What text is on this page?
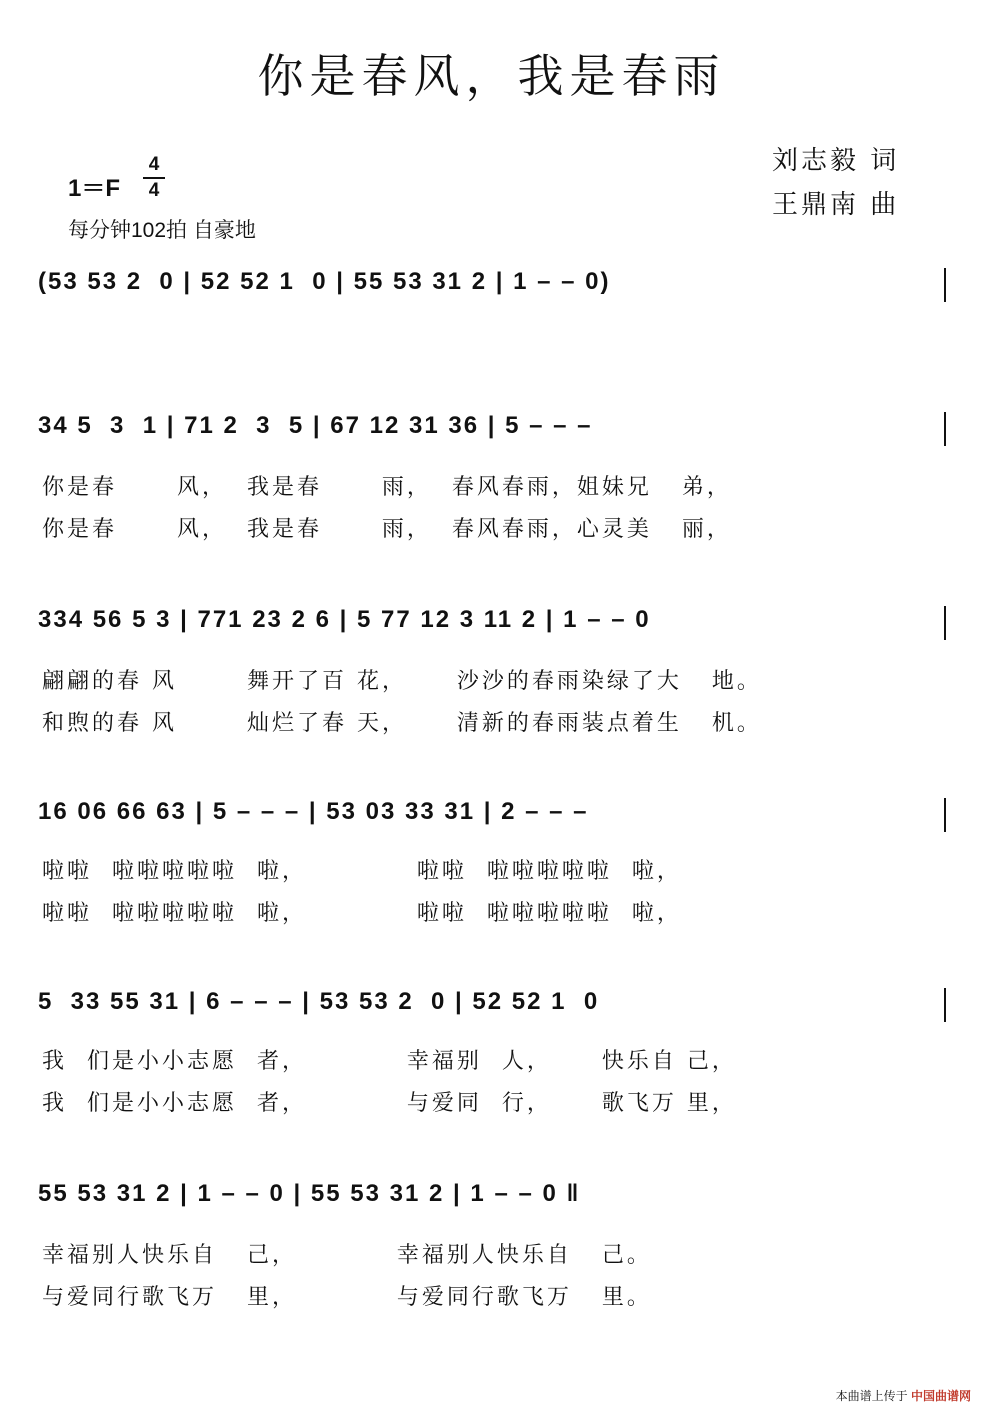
你是春风，我是春雨
1＝F
4
4
每分钟102拍 自豪地
刘志毅 词
王鼎南 曲
(53 53 2  0 | 52 52 1  0 | 55 53 31 2 | 1 – – 0)
34 5  3  1 | 71 2  3  5 | 67 12 31 36 | 5 – – –
你是春      风，  我是春      雨，  春风春雨，姐妹兄   弟，
你是春      风，  我是春      雨，  春风春雨，心灵美   丽，
334 56 5 3 | 771 23 2 6 | 5 77 12 3 11 2 | 1 – – 0
翩翩的春 风       舞开了百 花，     沙沙的春雨染绿了大   地。
和煦的春 风       灿烂了春 天，     清新的春雨装点着生   机。
16 06 66 63 | 5 – – – | 53 03 33 31 | 2 – – –
啦啦  啦啦啦啦啦  啦，           啦啦  啦啦啦啦啦  啦，
啦啦  啦啦啦啦啦  啦，           啦啦  啦啦啦啦啦  啦，
5  33 55 31 | 6 – – – | 53 53 2  0 | 52 52 1  0
我  们是小小志愿  者，          幸福别  人，     快乐自 己，
我  们是小小志愿  者，          与爱同  行，     歌飞万 里，
55 53 31 2 | 1 – – 0 | 55 53 31 2 | 1 – – 0 ‖
幸福别人快乐自   己，          幸福别人快乐自   己。
与爱同行歌飞万   里，          与爱同行歌飞万   里。
本曲谱上传于 中国曲谱网
